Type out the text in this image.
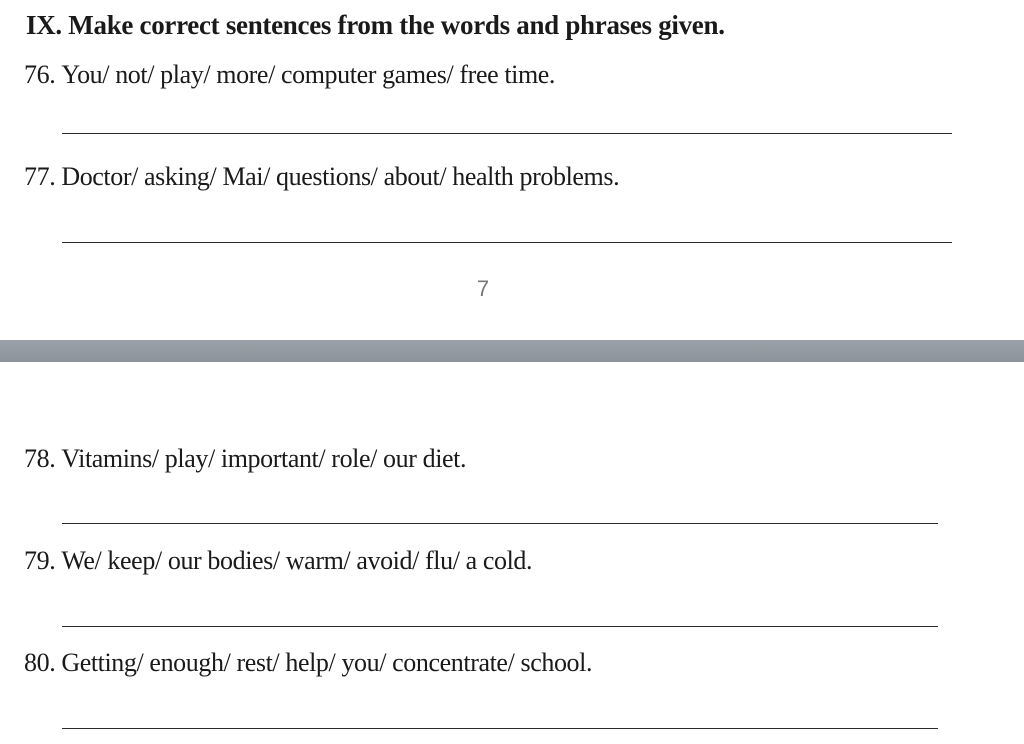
IX. Make correct sentences from the words and phrases given.
76. You/ not/ play/ more/ computer games/ free time.
77. Doctor/ asking/ Mai/ questions/ about/ health problems.
7
78. Vitamins/ play/ important/ role/ our diet.
79. We/ keep/ our bodies/ warm/ avoid/ flu/ a cold.
80. Getting/ enough/ rest/ help/ you/ concentrate/ school.
